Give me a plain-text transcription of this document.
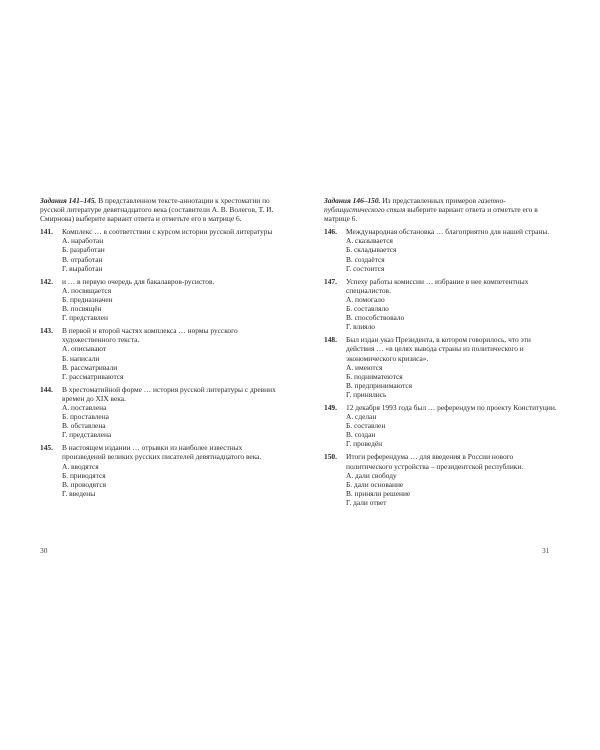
Задания 141–145. В представленном тексте-аннотации к хрестоматии по русской литературе девятнадцатого века (составители А. В. Волегов, Т. И. Смирнова) выберите вариант ответа и отметьте его в матрице 6.
141. Комплекс … в соответствии с курсом истории русской литературы
А. наработан
Б. разработан
В. отработан
Г. выработан
142. и … в первую очередь для бакалавров-русистов.
А. посвящается
Б. предназначен
В. посвящён
Г. представлен
143. В первой и второй частях комплекса … нормы русского художественного текста.
А. описывают
Б. написали
В. рассматривали
Г. рассматриваются
144. В хрестоматийной форме … история русской литературы с древних времен до XIX века.
А. поставлена
Б. проставлена
В. обставлена
Г. представлена
145. В настоящем издании … отрывки из наиболее известных произведений великих русских писателей девятнадцатого века.
А. вводятся
Б. приводятся
В. проводятся
Г. введены
30
Задания 146–150. Из представленных примеров газетно-публицистического стиля выберите вариант ответа и отметьте его в матрице 6.
146. Международная обстановка … благоприятно для нашей страны.
А. сказывается
Б. складывается
В. создаётся
Г. состоится
147. Успеху работы комиссии … избрание в нее компетентных специалистов.
А. помогало
Б. составляло
В. способствовало
Г. влияло
148. Был издан указ Президента, в котором говорилось, что эти действия … «в целях вывода страны из политического и экономического кризиса».
А. имеются
Б. подниматеются
В. предпринимаются
Г. принялись
149. 12 декабря 1993 года был … референдум по проекту Конституции.
А. сделан
Б. составлен
В. создан
Г. проведён
150. Итоги референдума … для введения в России нового политического устройства – президентской республики.
А. дали свободу
Б. дали основание
В. приняли решение
Г. дали ответ
31
